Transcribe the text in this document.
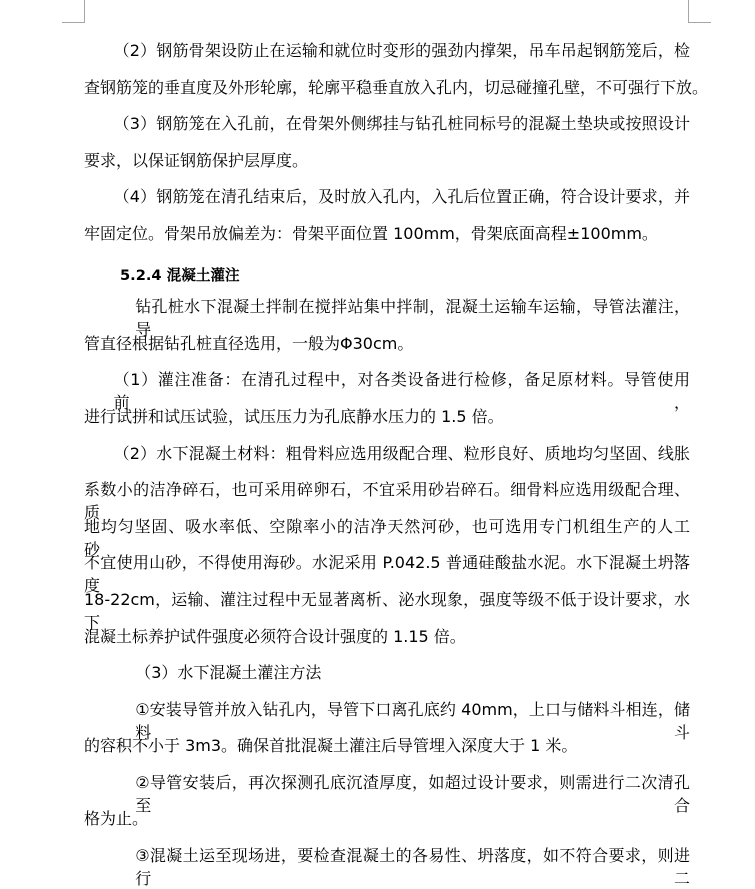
（2）钢筋骨架设防止在运输和就位时变形的强劲内撑架，吊车吊起钢筋笼后，检
查钢筋笼的垂直度及外形轮廓，轮廓平稳垂直放入孔内，切忌碰撞孔壁，不可强行下放。
（3）钢筋笼在入孔前，在骨架外侧绑挂与钻孔桩同标号的混凝土垫块或按照设计
要求，以保证钢筋保护层厚度。
（4）钢筋笼在清孔结束后，及时放入孔内，入孔后位置正确，符合设计要求，并
牢固定位。骨架吊放偏差为：骨架平面位置 100mm，骨架底面高程±100mm。
5.2.4 混凝土灌注
钻孔桩水下混凝土拌制在搅拌站集中拌制，混凝土运输车运输，导管法灌注，导
管直径根据钻孔桩直径选用，一般为Φ30cm。
（1）灌注准备：在清孔过程中，对各类设备进行检修，备足原材料。导管使用前，
进行试拼和试压试验，试压压力为孔底静水压力的 1.5 倍。
（2）水下混凝土材料：粗骨料应选用级配合理、粒形良好、质地均匀坚固、线胀
系数小的洁净碎石，也可采用碎卵石，不宜采用砂岩碎石。细骨料应选用级配合理、质
地均匀坚固、吸水率低、空隙率小的洁净天然河砂，也可选用专门机组生产的人工砂，
不宜使用山砂，不得使用海砂。水泥采用 P.042.5 普通硅酸盐水泥。水下混凝土坍落度
18-22cm，运输、灌注过程中无显著离析、泌水现象，强度等级不低于设计要求，水下
混凝土标养护试件强度必须符合设计强度的 1.15 倍。
（3）水下混凝土灌注方法
①安装导管并放入钻孔内，导管下口离孔底约 40mm，上口与储料斗相连，储料斗
的容积不小于 3m3。确保首批混凝土灌注后导管埋入深度大于 1 米。
②导管安装后，再次探测孔底沉渣厚度，如超过设计要求，则需进行二次清孔至合
格为止。
③混凝土运至现场进，要检查混凝土的各易性、坍落度，如不符合要求，则进行二
